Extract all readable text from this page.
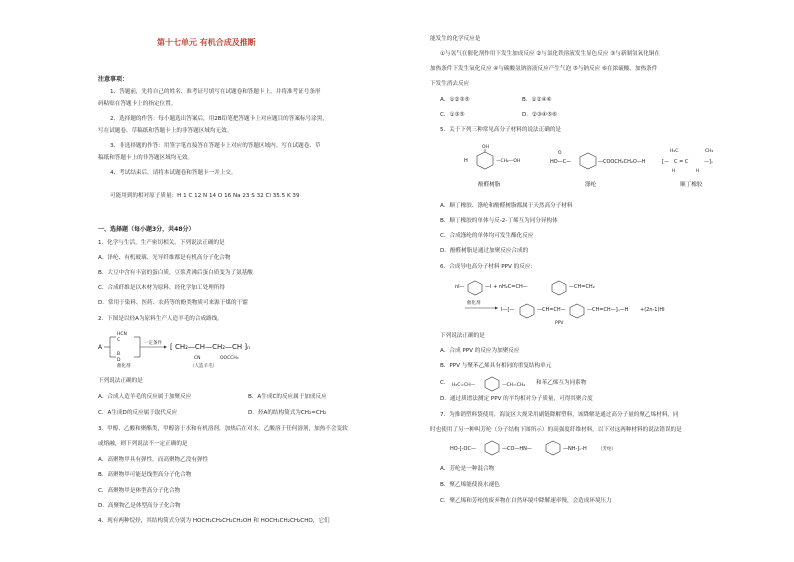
第十七单元 有机合成及推断
注意事项：
1、答题前，先将自己的姓名、准考证号填写在试题卷和答题卡上，并将准考证号条形
码粘贴在答题卡上的指定位置。
2、选择题的作答：每小题选出答案后，用2B铅笔把答题卡上对应题目的答案标号涂黑，
写在试题卷、草稿纸和答题卡上的非答题区域均无效。
3、非选择题的作答：用签字笔直接答在答题卡上对应的答题区域内。写在试题卷、草
稿纸和答题卡上的非答题区域均无效。
4、考试结束后，请将本试题卷和答题卡一并上交。
可能用到的相对原子质量：H 1 C 12 N 14 O 16 Na 23 S 32 Cl 35.5 K 39
一、选择题（每小题3分，共48分）
1．化学与生活，生产密切相关，下列说法正确的是
A．泽纶、有机玻璃、光导纤维都是有机高分子化合物
B．大豆中含有丰富的蛋白质，豆浆煮沸后蛋白质变为了氨基酸
C．合成纤维是以木材为原料，经化学加工处理所得
D．常用于染料、医药、农药等的酚类物质可来源于煤的干馏
2．下图是以烃A为原料生产人造羊毛的合成路线。
A
HCN
C
B
D
催化剂
一定条件 [ CH₂—CH—CH₂—CH ]ₙ
CN	OOCCH₃
（人造羊毛）
下列说法正确的是
A．合成人造羊毛的反应属于加聚反应	B．A生成C的反应属于加成反应
C．A生成D的反应属于取代反应	D．烃A的结构简式为CH₂=CH₂
3．甲醇、乙酸和聚酯类，甲醇溶于水和有机溶剂，加热后在对水，乙酸溶于任何溶剂，加热不会变软
或熔融，则下列说法不一定正确的是
A．高聚物甲具有弹性，而高聚物乙没有弹性
B．高聚物甲可能是线型高分子化合物
C．高聚物甲是体型高分子化合物
D．高聚物乙是体型高分子化合物
4．现有两种烷烃，其结构简式分别为 HOCH₂CH₂CH₂CH₂OH 和 HOCH₂CH₂CH₂CHO，它们
能发生的化学反应是
①与氢气在催化剂作用下发生加成反应 ②与氯化铁溶液发生显色反应 ③与新制氢氧化铜在
加热条件下发生氧化反应 ④与碳酸氢钠溶液反应产生气泡 ⑤与钠反应 ⑥在浓硫酸、加热条件
下发生消去反应
A．①②③⑤	B．①②④⑥
C．①③⑤	D．②③④⑤⑥
5．关于下列三种常见高分子材料的说法正确的是
OH
—CH₂—OH
H	HO—C—	—COOCH₂CH₂O—H
O	H₂C	CH₂
[— C = C	—]ₙ
H	H
酚醛树脂	涤纶	顺丁橡胶
A．顺丁橡胶、涤纶和酚醛树脂都属于天然高分子材料
B．顺丁橡胶的单体与反-2-丁烯互为同分异构体
C．合成涤纶的单体均可发生酯化反应
D．酚醛树脂是通过加聚反应合成的
6．合成导电高分子材料 PPV 的反应：
nI—	—I + nH₂C=CH—	—CH=CH₂
催化剂
I—[—	—CH=CH—	—CH=CH—]ₙ—H +(2n-1)HI
PPV
下列说法正确的是
A．合成 PPV 的反应为加聚反应
B．PPV 与聚苯乙烯具有相同的重复结构单元
C． H₂C=CH—	—CH=CH₂ 和苯乙烯互为同系物
D．通过质谱法测定 PPV 的平均相对分子质量，可得其聚合度
7．为推销塑料袋使用，海淀区大规采用副链降解塑料，该降解是通过高分子量的聚乙烯材料，同
时也使用了另一种叫芳纶（分子结构下图所示）的高强度纤维材料。以下对这两种材料的说法错误的是
HO-[-OC—	—CO—HN—	—NH-]ₙ-H （芳纶）
A．芳纶是一种混合物
B．聚乙烯能使溴水褪色
C．聚乙烯和芳纶的废弃物在自然环境中降解速率慢，会造成环境压力
